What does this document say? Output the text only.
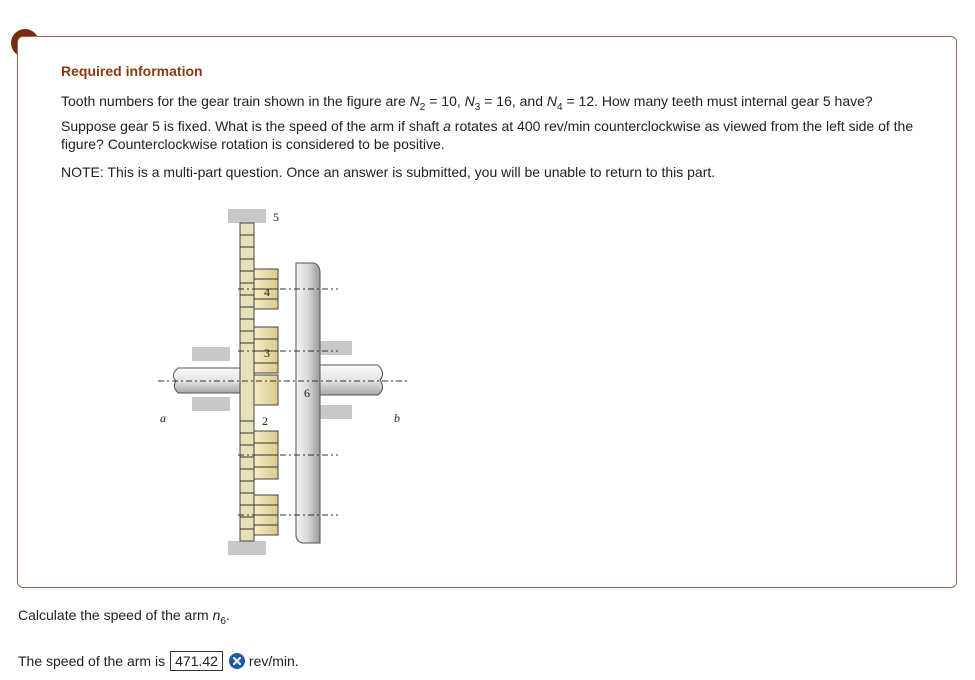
Required information
Tooth numbers for the gear train shown in the figure are $N_2 = 10$, $N_3 = 16$, and $N_4 = 12$. How many teeth must internal gear 5 have? Suppose gear 5 is fixed. What is the speed of the arm if shaft a rotates at 400 rev/min counterclockwise as viewed from the left side of the figure? Counterclockwise rotation is considered to be positive.
NOTE: This is a multi-part question. Once an answer is submitted, you will be unable to return to this part.
5
4
3
6
2
a	b
Calculate the speed of the arm $n_6$.
The speed of the arm is 471.42	rev/min.
